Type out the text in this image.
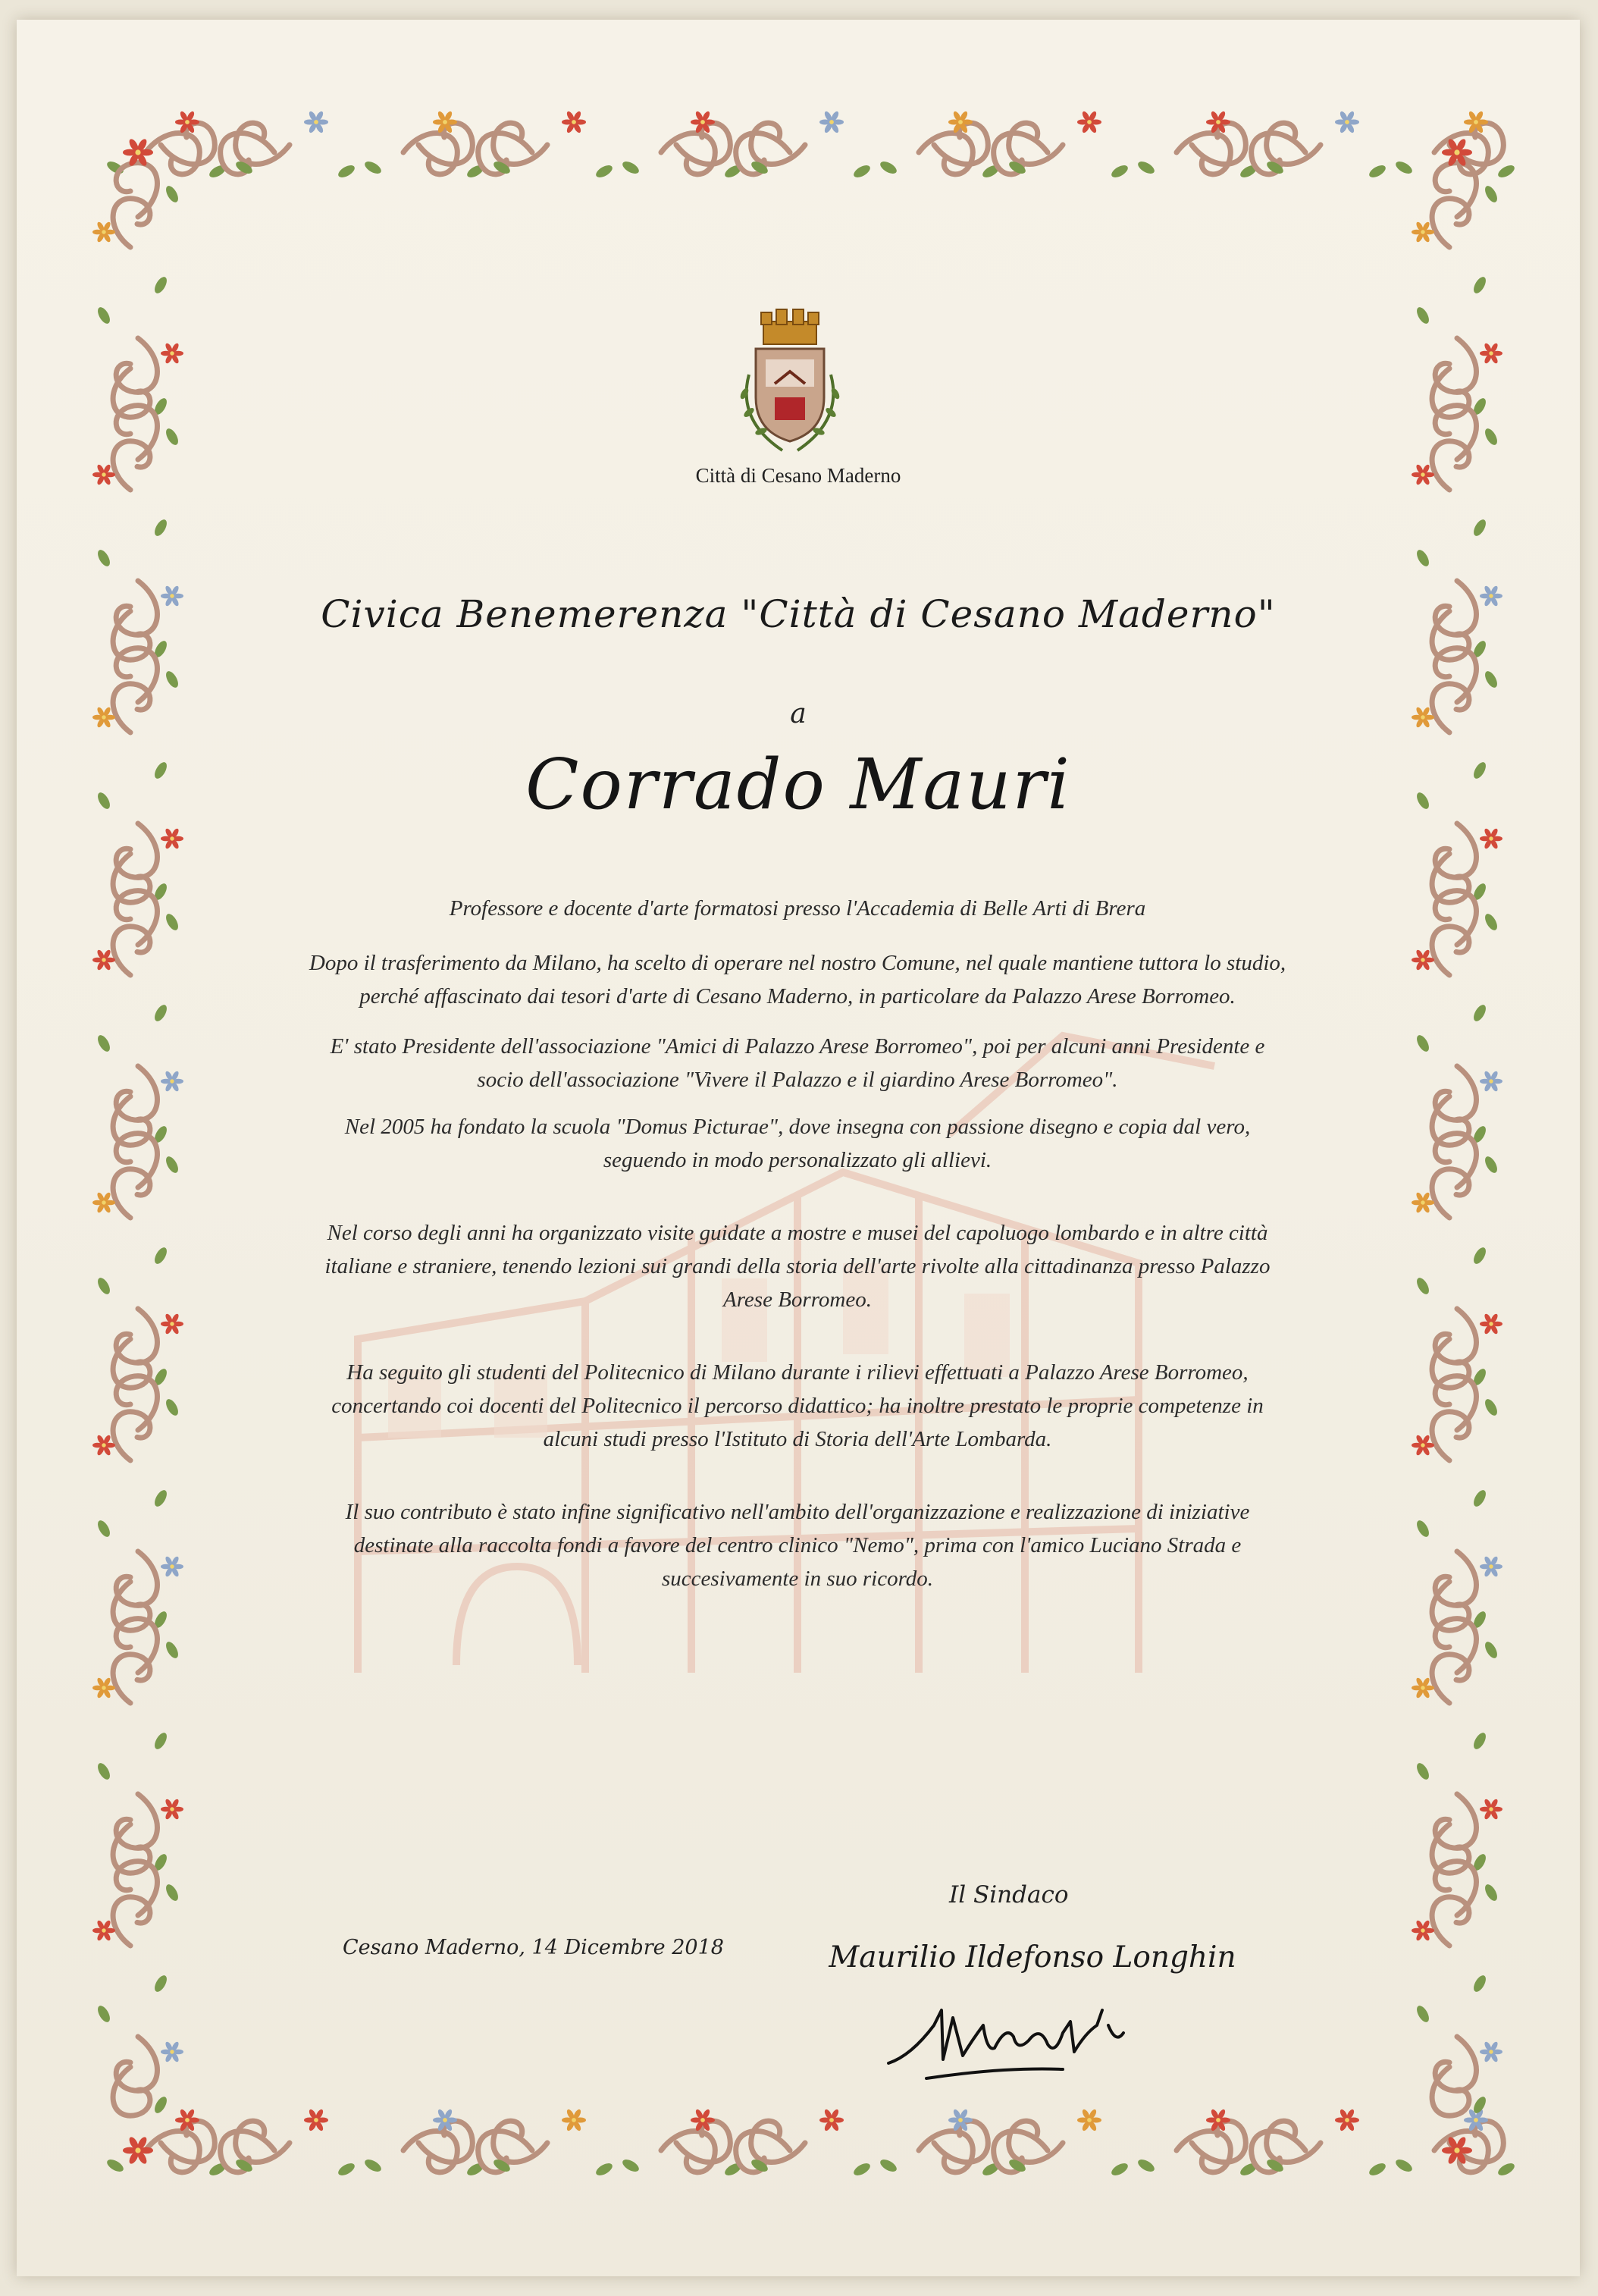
Città di Cesano Maderno

Civica Benemerenza "Città di Cesano Maderno"

a

Corrado Mauri

Professore e docente d'arte formatosi presso l'Accademia di Belle Arti di Brera

Dopo il trasferimento da Milano, ha scelto di operare nel nostro Comune, nel quale mantiene tuttora lo studio, perché affascinato dai tesori d'arte di Cesano Maderno, in particolare da Palazzo Arese Borromeo.

E' stato Presidente dell'associazione "Amici di Palazzo Arese Borromeo", poi per alcuni anni Presidente e socio dell'associazione "Vivere il Palazzo e il giardino Arese Borromeo".

Nel 2005 ha fondato la scuola "Domus Picturae", dove insegna con passione disegno e copia dal vero, seguendo in modo personalizzato gli allievi.

Nel corso degli anni ha organizzato visite guidate a mostre e musei del capoluogo lombardo e in altre città italiane e straniere, tenendo lezioni sui grandi della storia dell'arte rivolte alla cittadinanza presso Palazzo Arese Borromeo.

Ha seguito gli studenti del Politecnico di Milano durante i rilievi effettuati a Palazzo Arese Borromeo, concertando coi docenti del Politecnico il percorso didattico; ha inoltre prestato le proprie competenze in alcuni studi presso l'Istituto di Storia dell'Arte Lombarda.

Il suo contributo è stato infine significativo nell'ambito dell'organizzazione e realizzazione di iniziative destinate alla raccolta fondi a favore del centro clinico "Nemo", prima con l'amico Luciano Strada e succesivamente in suo ricordo.

Cesano Maderno, 14 Dicembre 2018

Il Sindaco

Maurilio Ildefonso Longhin
